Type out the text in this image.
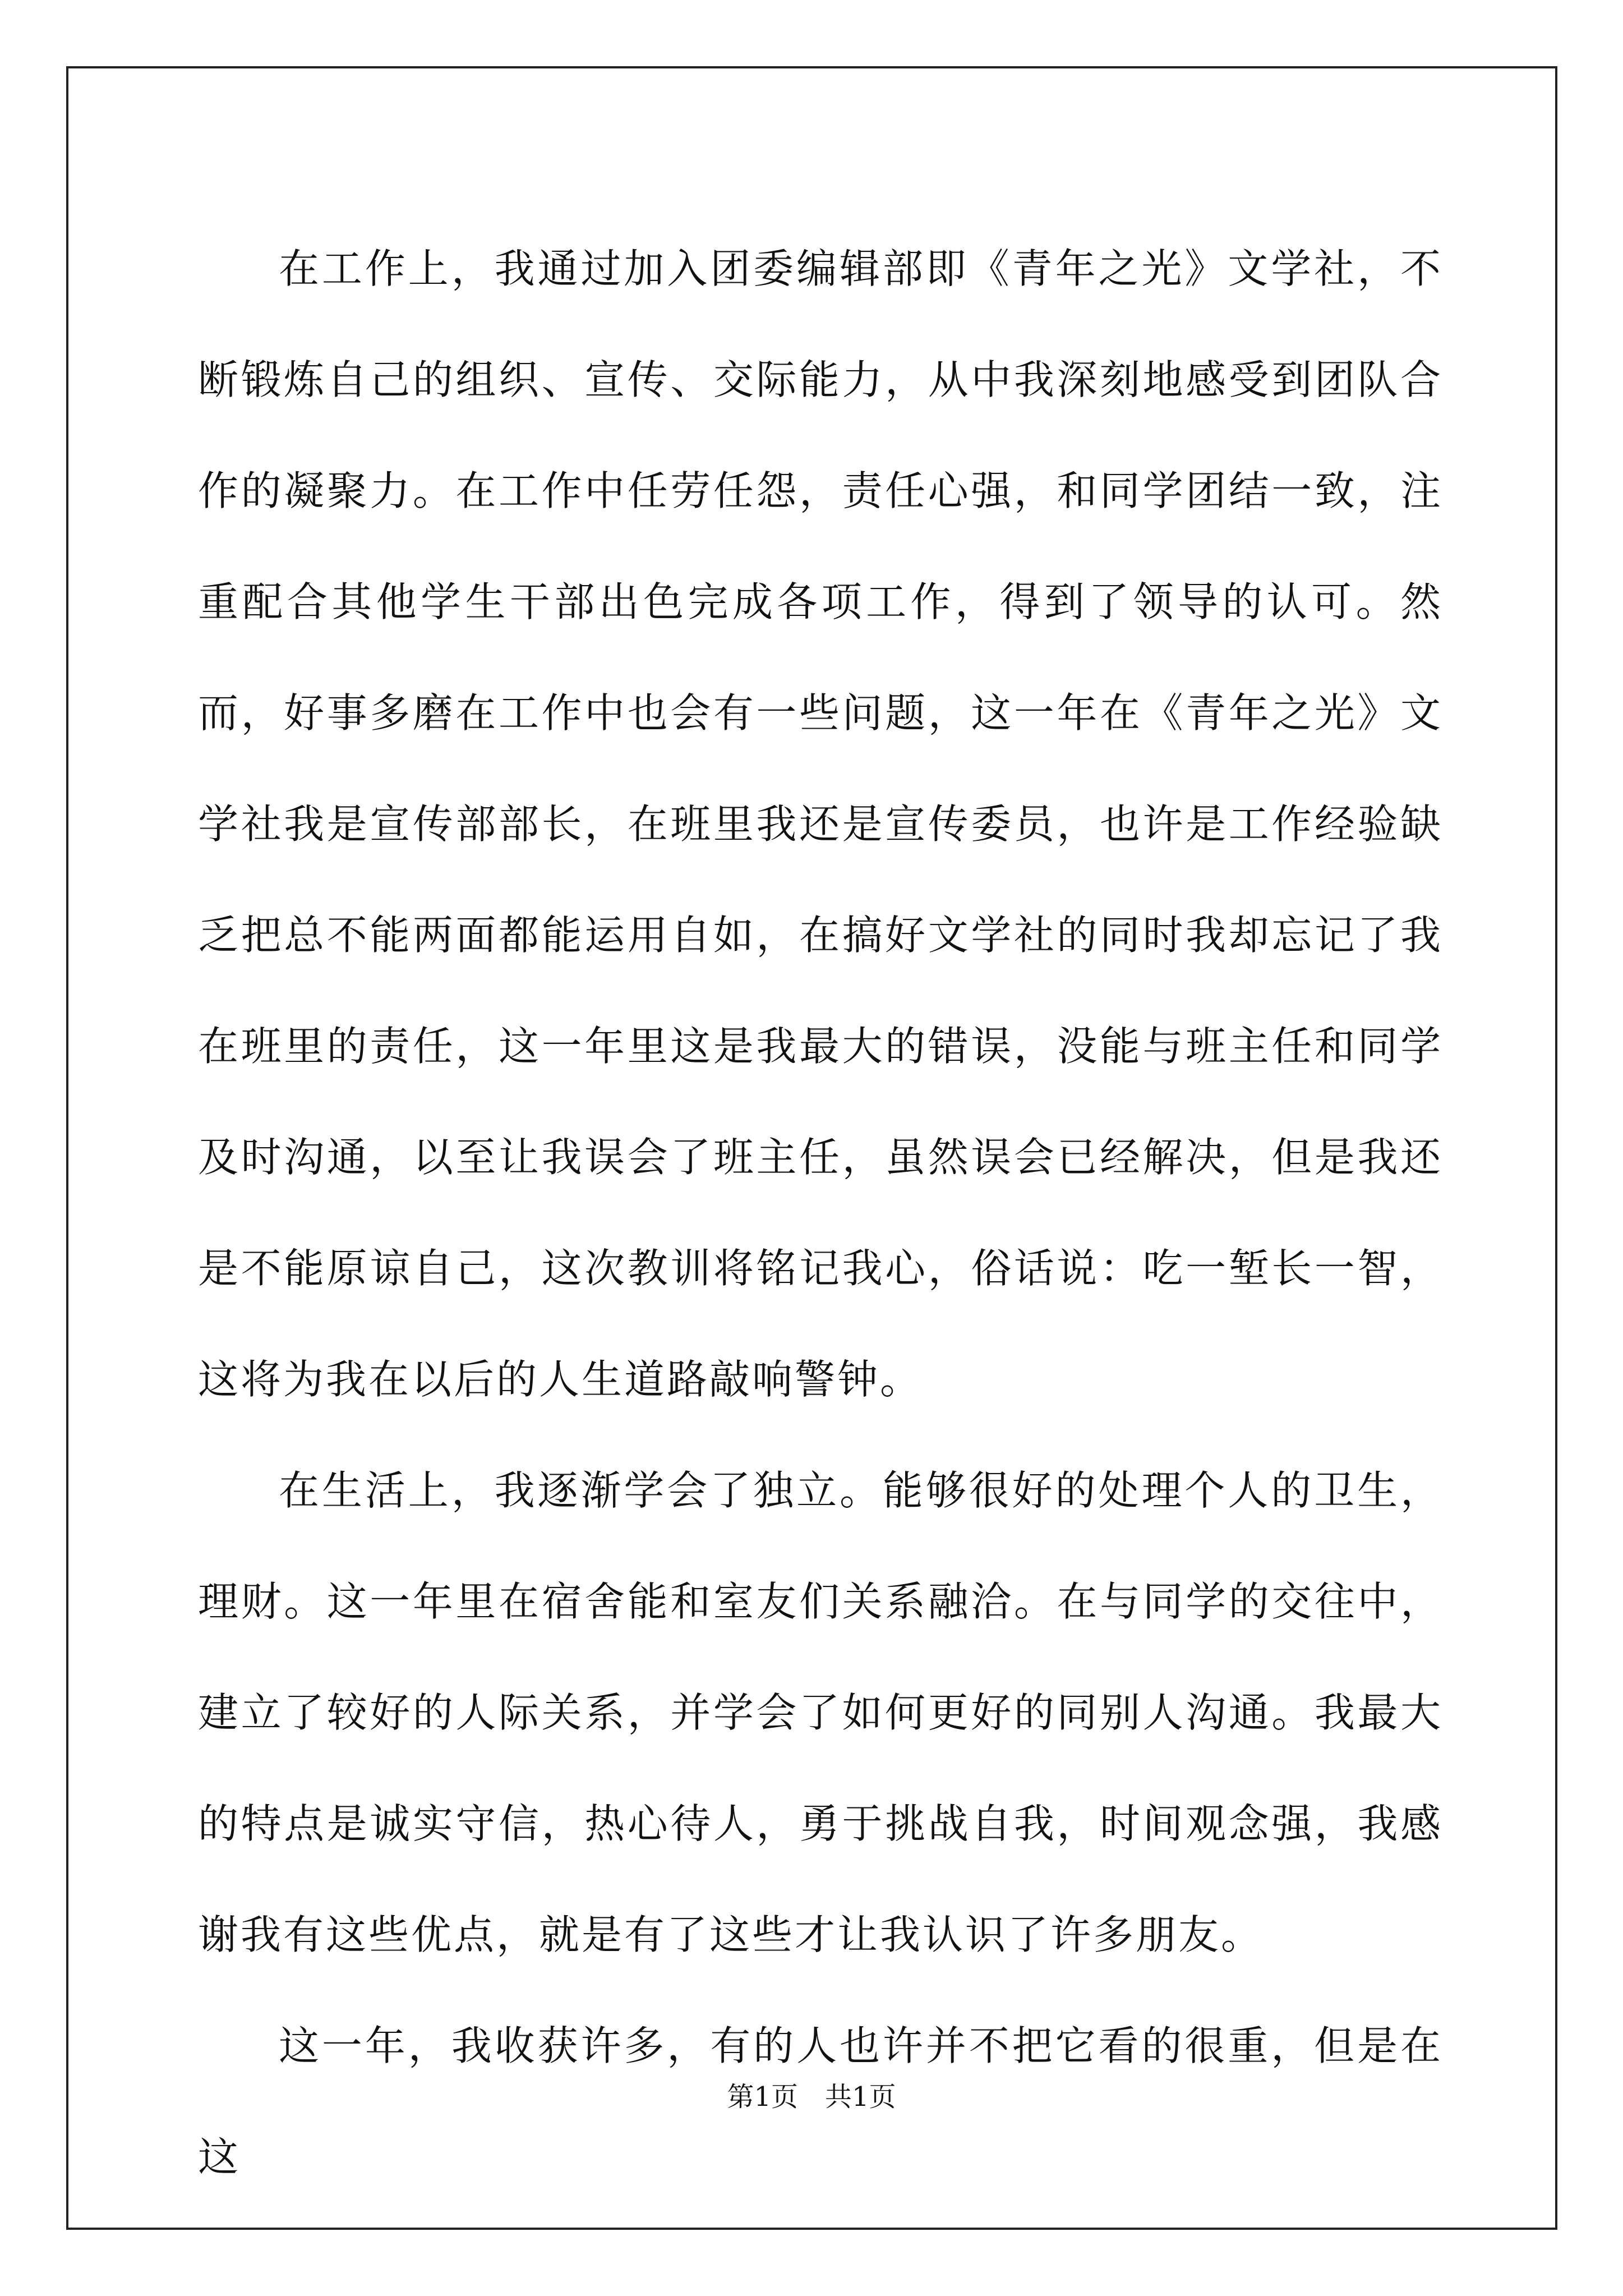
在工作上，我通过加入团委编辑部即《青年之光》文学社，不断锻炼自己的组织、宣传、交际能力，从中我深刻地感受到团队合作的凝聚力。在工作中任劳任怨，责任心强，和同学团结一致，注重配合其他学生干部出色完成各项工作，得到了领导的认可。然而，好事多磨在工作中也会有一些问题，这一年在《青年之光》文学社我是宣传部部长，在班里我还是宣传委员，也许是工作经验缺乏把总不能两面都能运用自如，在搞好文学社的同时我却忘记了我在班里的责任，这一年里这是我最大的错误，没能与班主任和同学及时沟通，以至让我误会了班主任，虽然误会已经解决，但是我还是不能原谅自己，这次教训将铭记我心，俗话说：吃一堑长一智，这将为我在以后的人生道路敲响警钟。

在生活上，我逐渐学会了独立。能够很好的处理个人的卫生，理财。这一年里在宿舍能和室友们关系融洽。在与同学的交往中，建立了较好的人际关系，并学会了如何更好的同别人沟通。我最大的特点是诚实守信，热心待人，勇于挑战自我，时间观念强，我感谢我有这些优点，就是有了这些才让我认识了许多朋友。

这一年，我收获许多，有的人也许并不把它看的很重，但是在这

第1页 共1页
